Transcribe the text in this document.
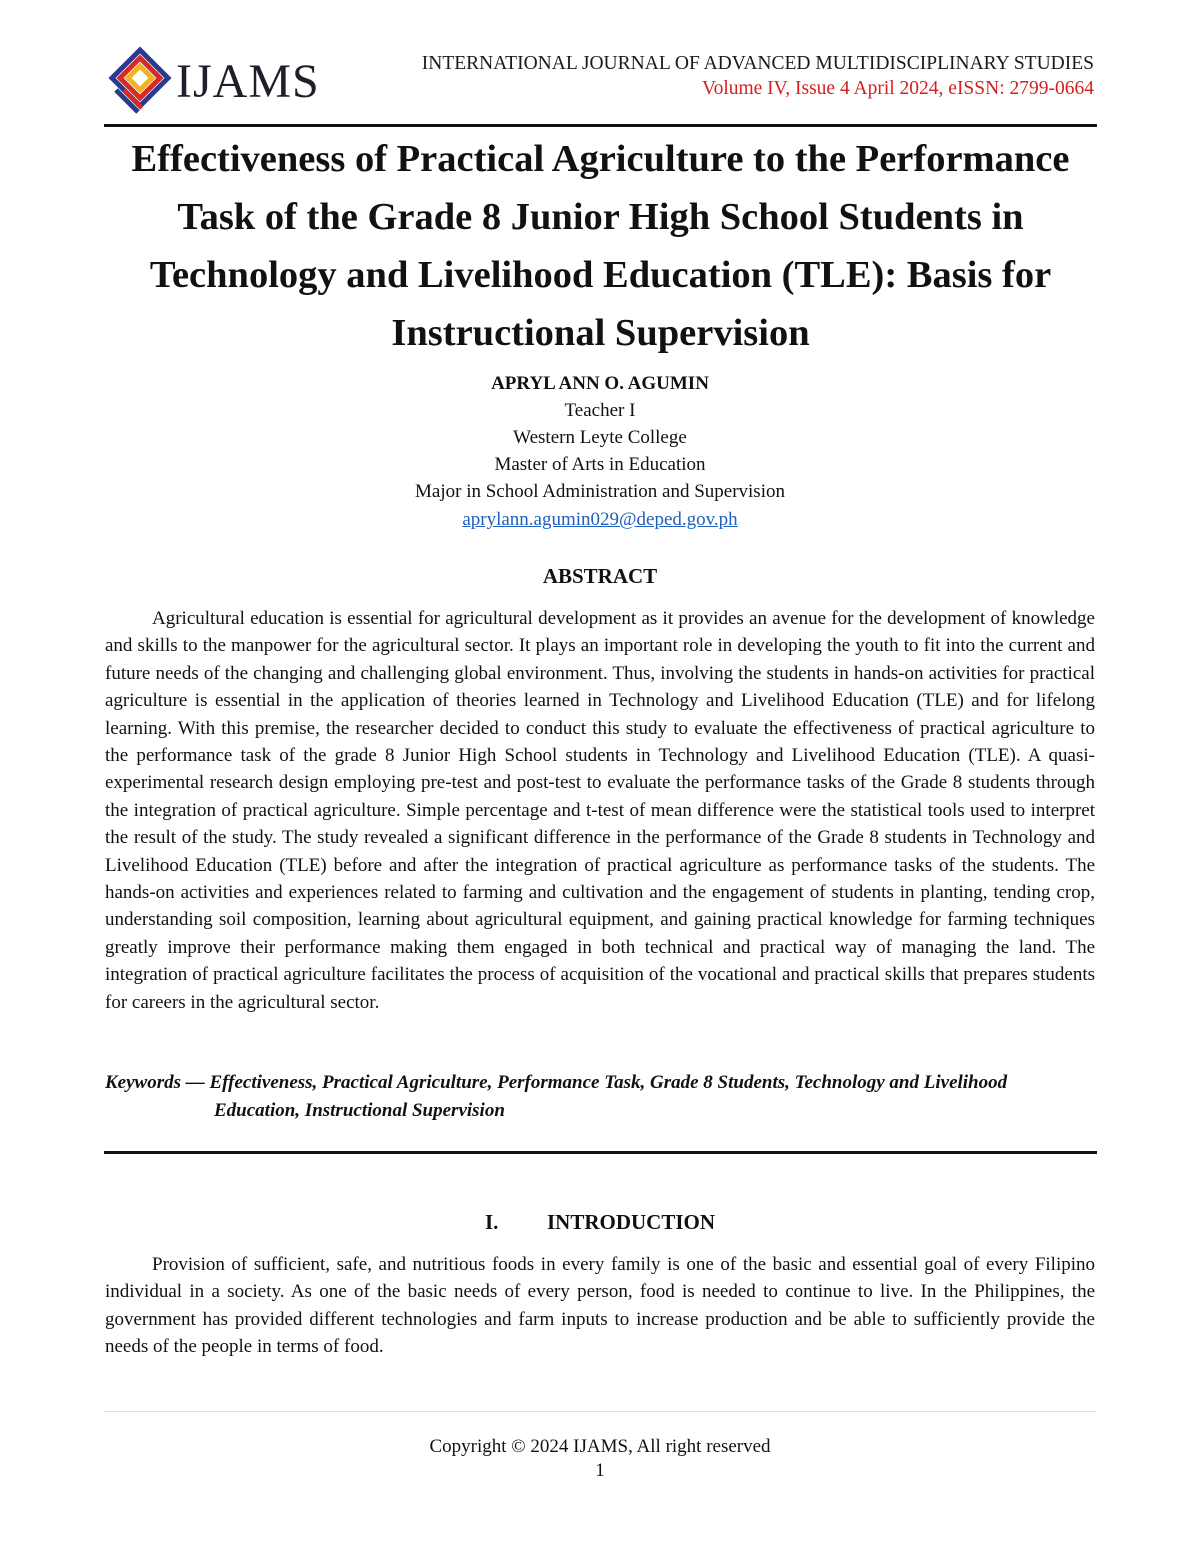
IJAMS	INTERNATIONAL JOURNAL OF ADVANCED MULTIDISCIPLINARY STUDIES
Volume IV, Issue 4 April 2024, eISSN: 2799-0664
Effectiveness of Practical Agriculture to the Performance Task of the Grade 8 Junior High School Students in Technology and Livelihood Education (TLE): Basis for Instructional Supervision
APRYL ANN O. AGUMIN
Teacher I
Western Leyte College
Master of Arts in Education
Major in School Administration and Supervision
aprylann.agumin029@deped.gov.ph
ABSTRACT
Agricultural education is essential for agricultural development as it provides an avenue for the development of knowledge and skills to the manpower for the agricultural sector. It plays an important role in developing the youth to fit into the current and future needs of the changing and challenging global environment. Thus, involving the students in hands-on activities for practical agriculture is essential in the application of theories learned in Technology and Livelihood Education (TLE) and for lifelong learning. With this premise, the researcher decided to conduct this study to evaluate the effectiveness of practical agriculture to the performance task of the grade 8 Junior High School students in Technology and Livelihood Education (TLE). A quasi-experimental research design employing pre-test and post-test to evaluate the performance tasks of the Grade 8 students through the integration of practical agriculture. Simple percentage and t-test of mean difference were the statistical tools used to interpret the result of the study. The study revealed a significant difference in the performance of the Grade 8 students in Technology and Livelihood Education (TLE) before and after the integration of practical agriculture as performance tasks of the students. The hands-on activities and experiences related to farming and cultivation and the engagement of students in planting, tending crop, understanding soil composition, learning about agricultural equipment, and gaining practical knowledge for farming techniques greatly improve their performance making them engaged in both technical and practical way of managing the land. The integration of practical agriculture facilitates the process of acquisition of the vocational and practical skills that prepares students for careers in the agricultural sector.
Keywords — Effectiveness, Practical Agriculture, Performance Task, Grade 8 Students, Technology and Livelihood
Education, Instructional Supervision
I. INTRODUCTION
Provision of sufficient, safe, and nutritious foods in every family is one of the basic and essential goal of every Filipino individual in a society. As one of the basic needs of every person, food is needed to continue to live. In the Philippines, the government has provided different technologies and farm inputs to increase production and be able to sufficiently provide the needs of the people in terms of food.
Copyright © 2024 IJAMS, All right reserved
1
